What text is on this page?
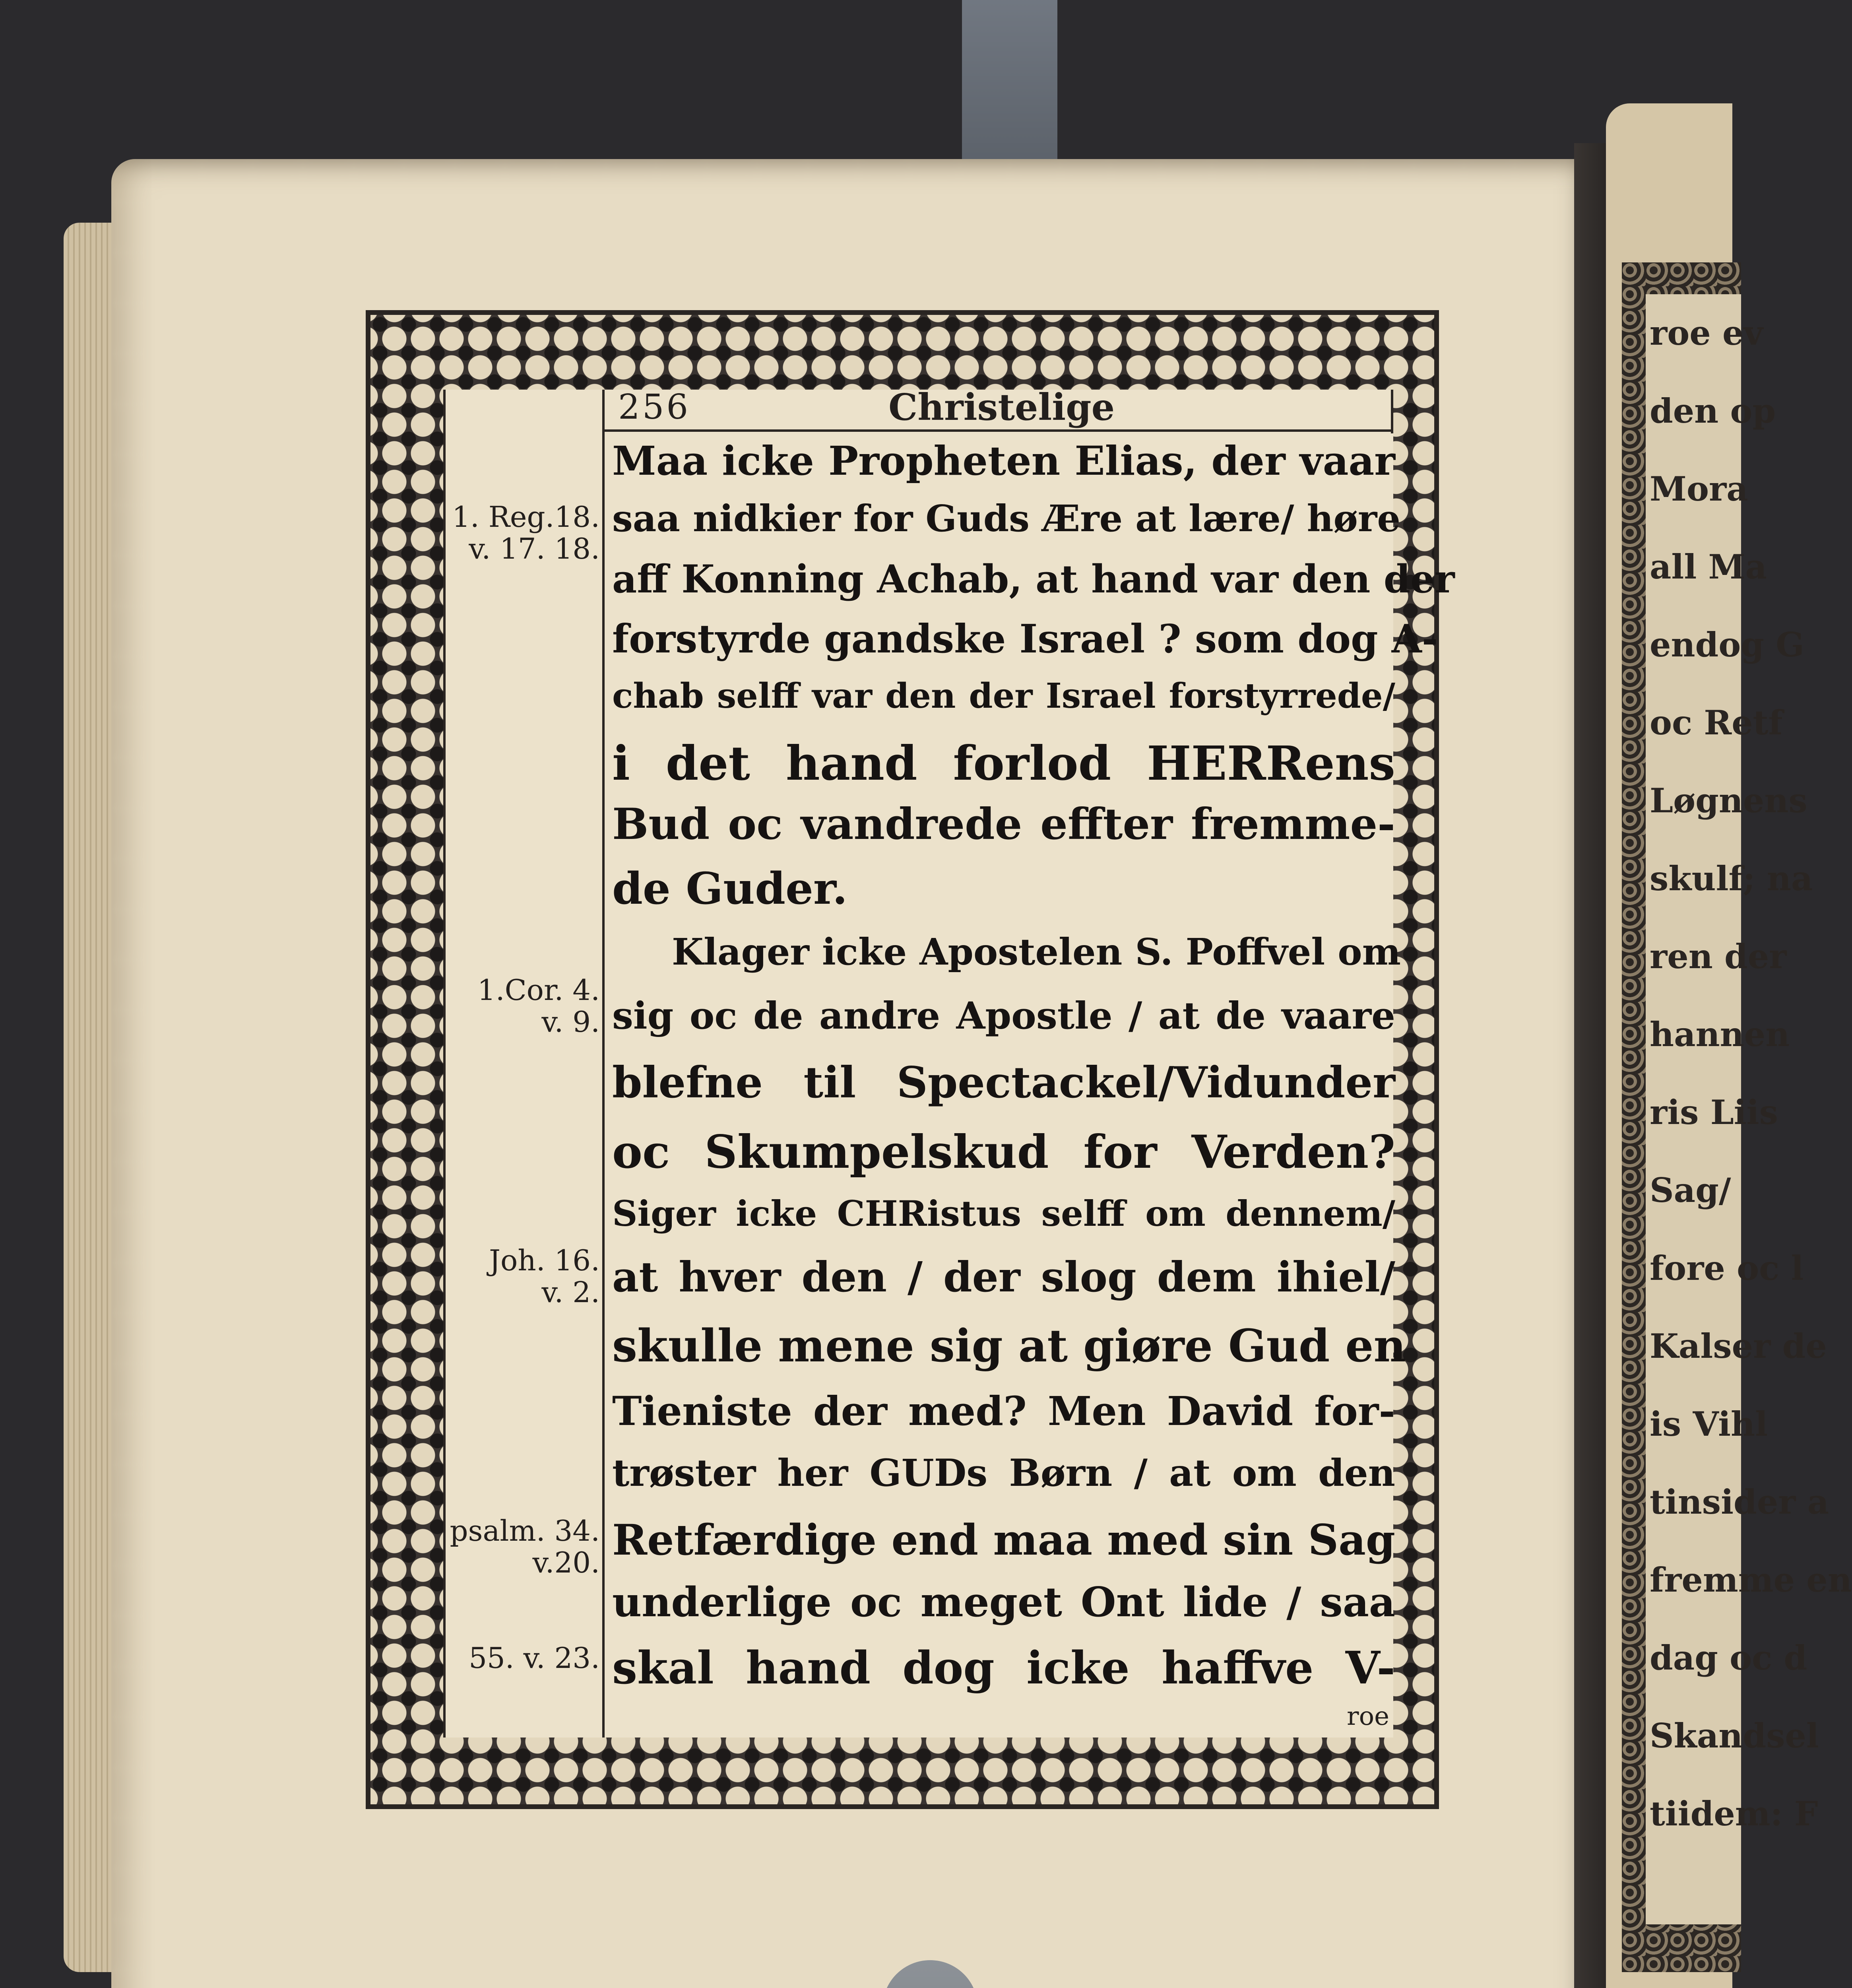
roe ev
den op
Mora
all Ma
endog G
oc Retf
Løgnens
skulf; na
ren der
hannen
ris Liis
Sag/
fore oc l
Kalser de
is Vihl
tinsider a
fremme en
dag oc d
Skandsel
tiidem: F
256	Christelige
1. Reg.18.
v. 17. 18.
1.Cor. 4.
v. 9.
Joh. 16.
v. 2.
psalm. 34.
v.20.
55. v. 23.
Maa icke Propheten Elias, der vaar
saa nidkier for Guds Ære at lære/ høre
aff Konning Achab, at hand var den der
forstyrde gandske Israel ? som dog A-
chab selff var den der Israel forstyrrede/
i det hand forlod HERRens
Bud oc vandrede effter fremme-
de Guder.
Klager icke Apostelen S. Poffvel om
sig oc de andre Apostle / at de vaare
blefne til Spectackel/Vidunder
oc Skumpelskud for Verden?
Siger icke CHRistus selff om dennem/
at hver den / der slog dem ihiel/
skulle mene sig at giøre Gud en
Tieniste der med? Men David for-
trøster her GUDs Børn / at om den
Retfærdige end maa med sin Sag
underlige oc meget Ont lide / saa
skal hand dog icke haffve V-
roe
